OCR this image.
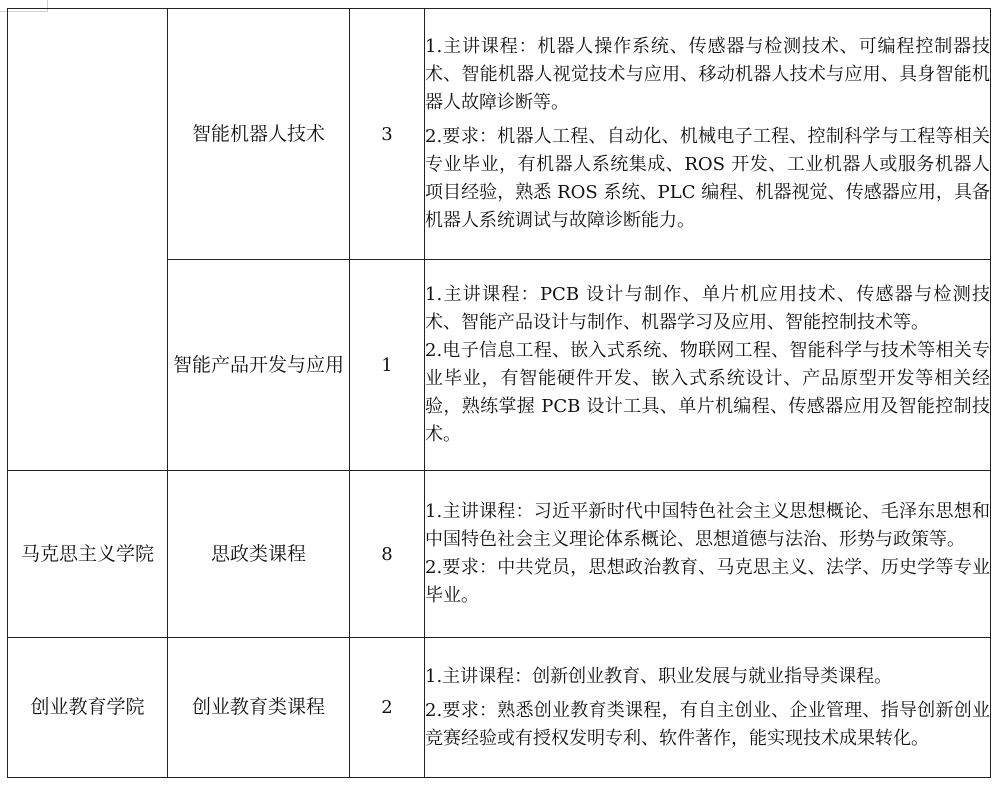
	智能机器人技术	3	1.主讲课程：机器人操作系统、传感器与检测技术、可编程控制器技术、智能机器人视觉技术与应用、移动机器人技术与应用、具身智能机器人故障诊断等。

2.要求：机器人工程、自动化、机械电子工程、控制科学与工程等相关专业毕业，有机器人系统集成、ROS 开发、工业机器人或服务机器人项目经验，熟悉 ROS 系统、PLC 编程、机器视觉、传感器应用，具备机器人系统调试与故障诊断能力。

	智能产品开发与应用	1	1.主讲课程：PCB 设计与制作、单片机应用技术、传感器与检测技术、智能产品设计与制作、机器学习及应用、智能控制技术等。

2.电子信息工程、嵌入式系统、物联网工程、智能科学与技术等相关专业毕业，有智能硬件开发、嵌入式系统设计、产品原型开发等相关经验，熟练掌握 PCB 设计工具、单片机编程、传感器应用及智能控制技术。

马克思主义学院	思政类课程	8	1.主讲课程：习近平新时代中国特色社会主义思想概论、毛泽东思想和中国特色社会主义理论体系概论、思想道德与法治、形势与政策等。

2.要求：中共党员，思想政治教育、马克思主义、法学、历史学等专业毕业。

创业教育学院	创业教育类课程	2	1.主讲课程：创新创业教育、职业发展与就业指导类课程。

2.要求：熟悉创业教育类课程，有自主创业、企业管理、指导创新创业竞赛经验或有授权发明专利、软件著作，能实现技术成果转化。
